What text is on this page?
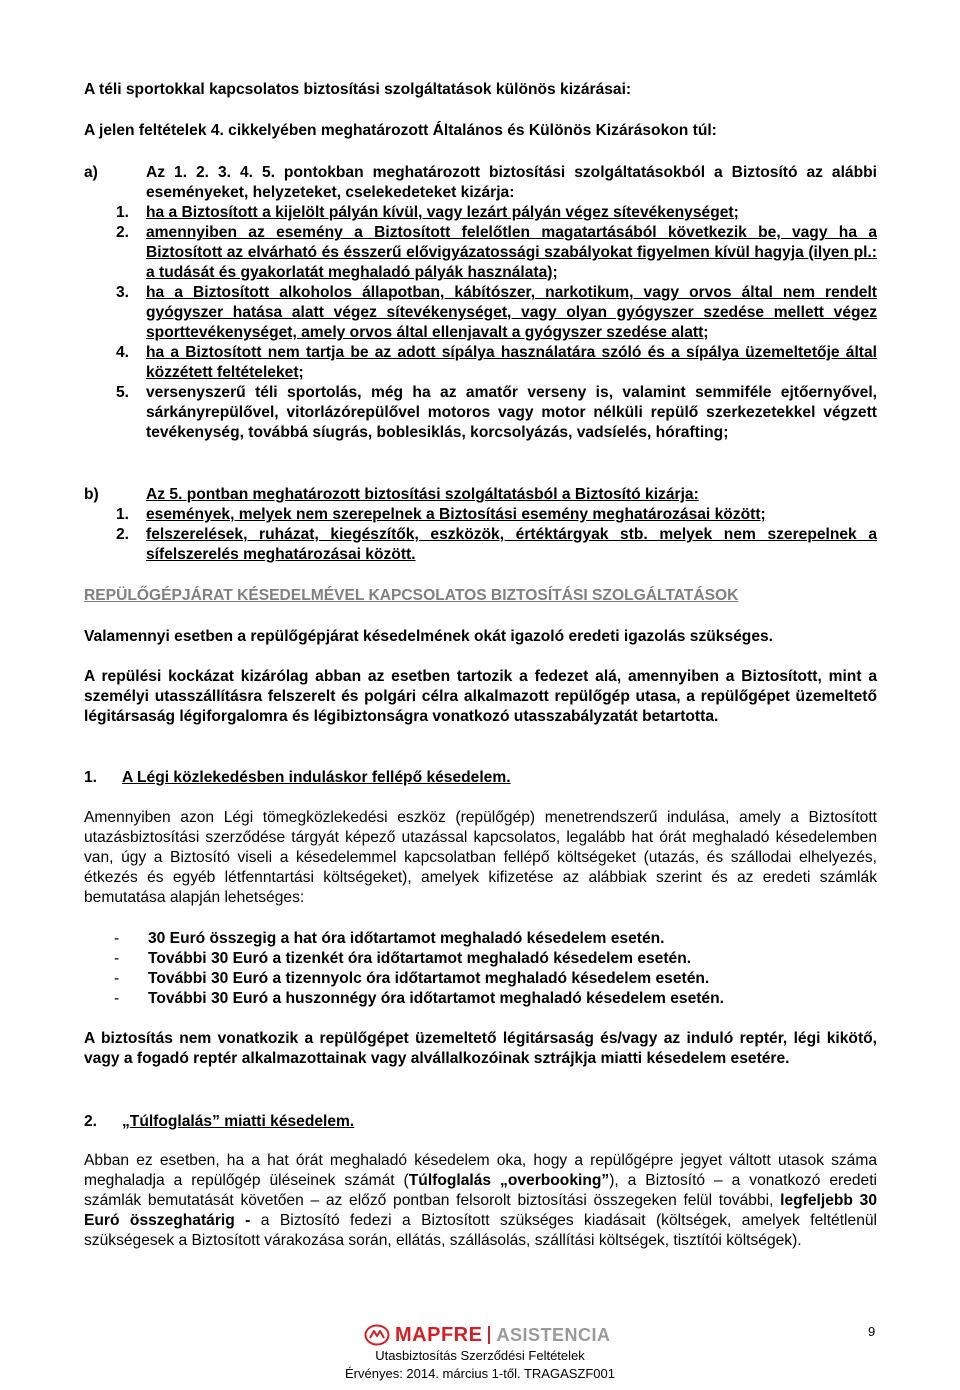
A téli sportokkal kapcsolatos biztosítási szolgáltatások különös kizárásai:

A jelen feltételek 4. cikkelyében meghatározott Általános és Különös Kizárásokon túl:

a)	Az 1. 2. 3. 4. 5. pontokban meghatározott biztosítási szolgáltatásokból a Biztosító az alábbi eseményeket, helyzeteket, cselekedeteket kizárja:
1.	ha a Biztosított a kijelölt pályán kívül, vagy lezárt pályán végez sítevékenységet;
2.	amennyiben az esemény a Biztosított felelőtlen magatartásából következik be, vagy ha a Biztosított az elvárható és ésszerű elővigyázatossági szabályokat figyelmen kívül hagyja (ilyen pl.: a tudását és gyakorlatát meghaladó pályák használata);
3.	ha a Biztosított alkoholos állapotban, kábítószer, narkotikum, vagy orvos által nem rendelt gyógyszer hatása alatt végez sítevékenységet, vagy olyan gyógyszer szedése mellett végez sporttevékenységet, amely orvos által ellenjavalt a gyógyszer szedése alatt;
4.	ha a Biztosított nem tartja be az adott sípálya használatára szóló és a sípálya üzemeltetője által közzétett feltételeket;
5.	versenyszerű téli sportolás, még ha az amatőr verseny is, valamint semmiféle ejtőernyővel, sárkányrepülővel, vitorlázórepülővel motoros vagy motor nélküli repülő szerkezetekkel végzett tevékenység, továbbá síugrás, boblesiklás, korcsolyázás, vadsíelés, hórafting;
b)	Az 5. pontban meghatározott biztosítási szolgáltatásból a Biztosító kizárja:
1.	események, melyek nem szerepelnek a Biztosítási esemény meghatározásai között;
2.	felszerelések, ruházat, kiegészítők, eszközök, értéktárgyak stb. melyek nem szerepelnek a sífelszerelés meghatározásai között.

REPÜLŐGÉPJÁRAT KÉSEDELMÉVEL KAPCSOLATOS BIZTOSÍTÁSI SZOLGÁLTATÁSOK

Valamennyi esetben a repülőgépjárat késedelmének okát igazoló eredeti igazolás szükséges.

A repülési kockázat kizárólag abban az esetben tartozik a fedezet alá, amennyiben a Biztosított, mint a személyi utasszállításra felszerelt és polgári célra alkalmazott repülőgép utasa, a repülőgépet üzemeltető légitársaság légiforgalomra és légibiztonságra vonatkozó utasszabályzatát betartotta.

1.	A Légi közlekedésben induláskor fellépő késedelem.

Amennyiben azon Légi tömegközlekedési eszköz (repülőgép) menetrendszerű indulása, amely a Biztosított utazásbiztosítási szerződése tárgyát képező utazással kapcsolatos, legalább hat órát meghaladó késedelemben van, úgy a Biztosító viseli a késedelemmel kapcsolatban fellépő költségeket (utazás, és szállodai elhelyezés, étkezés és egyéb létfenntartási költségeket), amelyek kifizetése az alábbiak szerint és az eredeti számlák bemutatása alapján lehetséges:

-	30 Euró összegig a hat óra időtartamot meghaladó késedelem esetén.
-	További 30 Euró a tizenkét óra időtartamot meghaladó késedelem esetén.
-	További 30 Euró a tizennyolc óra időtartamot meghaladó késedelem esetén.
-	További 30 Euró a huszonnégy óra időtartamot meghaladó késedelem esetén.

A biztosítás nem vonatkozik a repülőgépet üzemeltető légitársaság és/vagy az induló reptér, légi kikötő, vagy a fogadó reptér alkalmazottainak vagy alvállalkozóinak sztrájkja miatti késedelem esetére.

2.	„Túlfoglalás” miatti késedelem.

Abban ez esetben, ha a hat órát meghaladó késedelem oka, hogy a repülőgépre jegyet váltott utasok száma meghaladja a repülőgép üléseinek számát (Túlfoglalás „overbooking”), a Biztosító – a vonatkozó eredeti számlák bemutatását követően – az előző pontban felsorolt biztosítási összegeken felül további, legfeljebb 30 Euró összeghatárig - a Biztosító fedezi a Biztosított szükséges kiadásait (költségek, amelyek feltétlenül szükségesek a Biztosított várakozása során, ellátás, szállásolás, szállítási költségek, tisztítói költségek).

MAPFRE ASISTENCIA
Utasbiztosítás Szerződési Feltételek
Érvényes: 2014. március 1-től. TRAGASZF001
9
